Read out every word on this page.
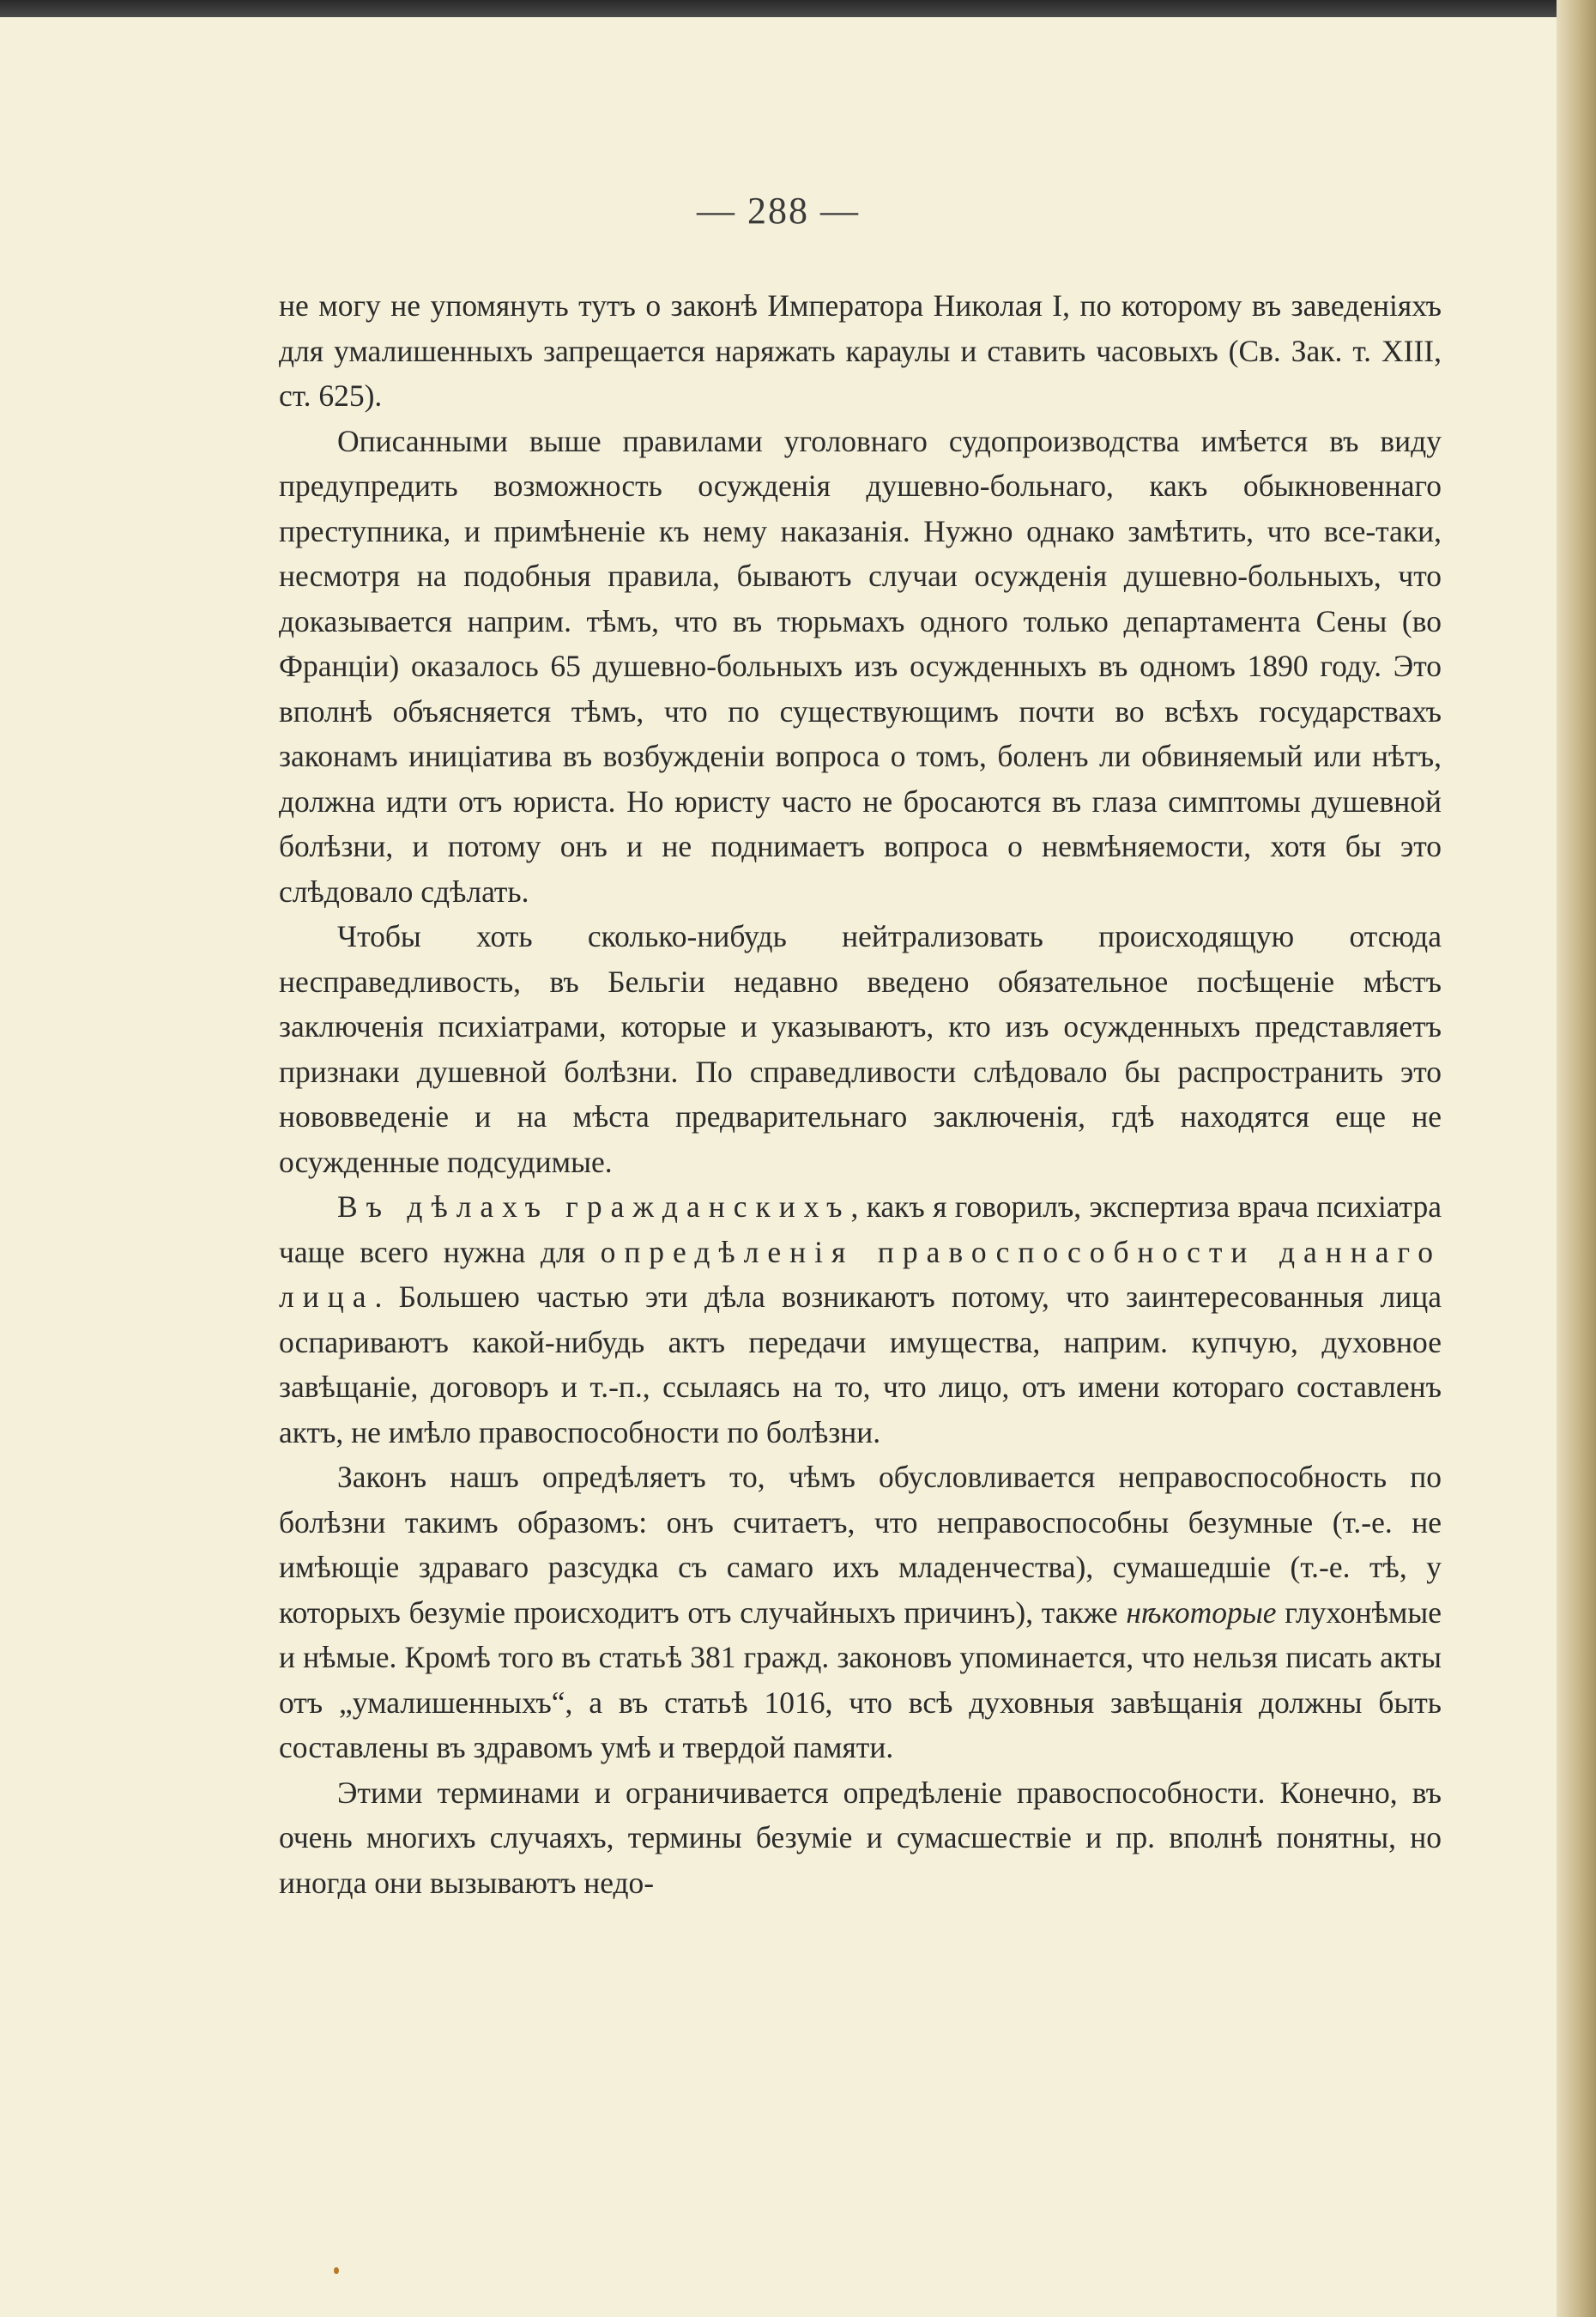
— 288 —

не могу не упомянуть тутъ о законѣ Императора Николая I, по которому въ заведеніяхъ для умалишенныхъ запрещается наряжать караулы и ставить часовыхъ (Св. Зак. т. XIII, ст. 625).

Описанными выше правилами уголовнаго судопроизводства имѣется въ виду предупредить возможность осужденія душевно-больнаго, какъ обыкновеннаго преступника, и примѣненіе къ нему наказанія. Нужно однако замѣтить, что все-таки, несмотря на подобныя правила, бываютъ случаи осужденія душевно-больныхъ, что доказывается наприм. тѣмъ, что въ тюрьмахъ одного только департамента Сены (во Франціи) оказалось 65 душевно-больныхъ изъ осужденныхъ въ одномъ 1890 году. Это вполнѣ объясняется тѣмъ, что по существующимъ почти во всѣхъ государствахъ законамъ иниціатива въ возбужденіи вопроса о томъ, боленъ ли обвиняемый или нѣтъ, должна идти отъ юриста. Но юристу часто не бросаются въ глаза симптомы душевной болѣзни, и потому онъ и не поднимаетъ вопроса о невмѣняемости, хотя бы это слѣдовало сдѣлать.

Чтобы хоть сколько-нибудь нейтрализовать происходящую отсюда несправедливость, въ Бельгіи недавно введено обязательное посѣщеніе мѣстъ заключенія психіатрами, которые и указываютъ, кто изъ осужденныхъ представляетъ признаки душевной болѣзни. По справедливости слѣдовало бы распространить это нововведеніе и на мѣста предварительнаго заключенія, гдѣ находятся еще не осужденные подсудимые.

Въ дѣлахъ гражданскихъ, какъ я говорилъ, экспертиза врача психіатра чаще всего нужна для опредѣленія правоспособности даннаго лица. Большею частью эти дѣла возникаютъ потому, что заинтересованныя лица оспариваютъ какой-нибудь актъ передачи имущества, наприм. купчую, духовное завѣщаніе, договоръ и т.-п., ссылаясь на то, что лицо, отъ имени котораго составленъ актъ, не имѣло правоспособности по болѣзни.

Законъ нашъ опредѣляетъ то, чѣмъ обусловливается неправоспособность по болѣзни такимъ образомъ: онъ считаетъ, что неправоспособны безумные (т.-е. не имѣющіе здраваго разсудка съ самаго ихъ младенчества), сумашедшіе (т.-е. тѣ, у которыхъ безуміе происходитъ отъ случайныхъ причинъ), также нѣкоторые глухонѣмые и нѣмые. Кромѣ того въ статьѣ 381 гражд. законовъ упоминается, что нельзя писать акты отъ „умалишенныхъ“, а въ статьѣ 1016, что всѣ духовныя завѣщанія должны быть составлены въ здравомъ умѣ и твердой памяти.

Этими терминами и ограничивается опредѣленіе правоспособности. Конечно, въ очень многихъ случаяхъ, термины безуміе и сумасшествіе и пр. вполнѣ понятны, но иногда они вызываютъ недо-
